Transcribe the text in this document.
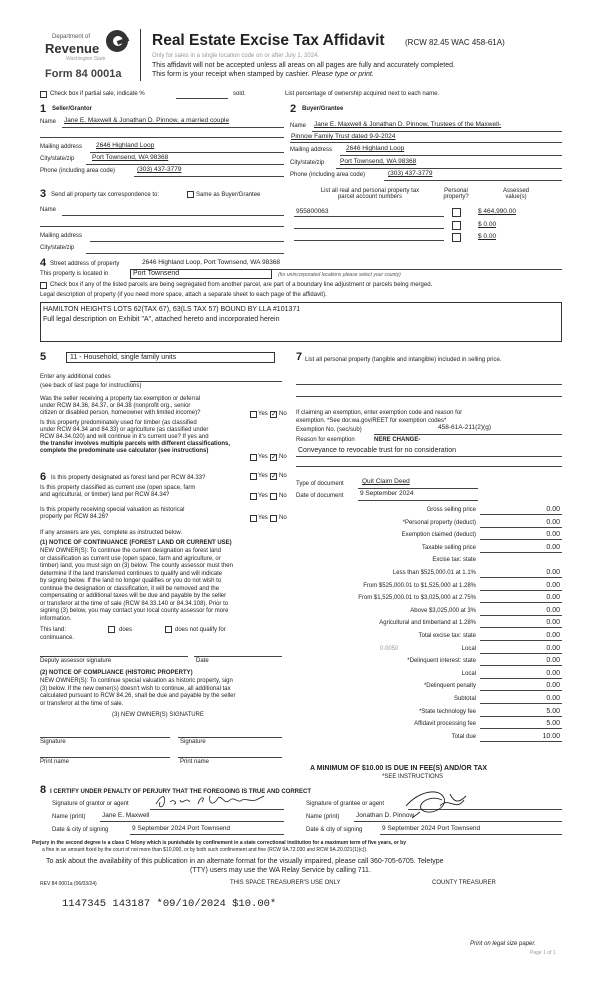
Department of
Revenue
Washington State
Form 84 0001a
Real Estate Excise Tax Affidavit	(RCW 82.45 WAC 458-61A)
Only for sales in a single location code on or after July 1, 2024.
This affidavit will not be accepted unless all areas on all pages are fully and accurately completed.
This form is your receipt when stamped by cashier. Please type or print.
Check box if partial sale, indicate %	sold.	List percentage of ownership acquired next to each name.
1 Seller/Grantor
Name Jane E. Maxwell & Jonathan D. Pinnow, a married couple
Mailing address 2646 Highland Loop
City/state/zip	Port Townsend, WA 98368
Phone (including area code)	(303) 437-3779
2 Buyer/Grantee
Name Jane E. Maxwell & Jonathan D. Pinnow, Trustees of the Maxwell-
Pinnow Family Trust dated 9-9-2024
Mailing address 2646 Highland Loop
City/state/zip Port Townsend, WA 98368
Phone (including area code)	(303) 437-3779
3 Send all property tax correspondence to:	Same as Buyer/Grantee
Name
Mailing address
City/state/zip
List all real and personal property tax
parcel account numbers
Personal
property?
Assessed
value(s)
955800063	$ 464,990.00
$ 0.00
$ 0.00
4 Street address of property	2646 Highland Loop, Port Townsend, WA 98368
This property is located in	Port Townsend	(for unincorporated locations please select your county)
Check box if any of the listed parcels are being segregated from another parcel, are part of a boundary line adjustment or parcels being merged.
Legal description of property (if you need more space, attach a separate sheet to each page of the affidavit).
HAMILTON HEIGHTS LOTS 62(TAX 67), 63(LS TAX 57) BOUND BY LLA #101371
Full legal description on Exhibit "A", attached hereto and incorporated herein
5	11 - Household, single family units
Enter any additional codes
(see back of last page for instructions)
Was the seller receiving a property tax exemption or deferral
under RCW 84.36, 84.37, or 84.38 (nonprofit org., senior
citizen or disabled person, homeowner with limited income)?	Yes ✓ No
Is this property predominately used for timber (as classified
under RCW 84.34 and 84.33) or agriculture (as classified under
RCW 84.34.020) and will continue in it's current use? If yes and
the transfer involves multiple parcels with different classifications,
complete the predominate use calculator (see instructions)
Yes ✓ No
6 Is this property designated as forest land per RCW 84.33?	Yes ✓ No
Is this property classified as current use (open space, farm
and agricultural, or timber) land per RCW 84.34?	Yes No
Is this property receiving special valuation as historical
property per RCW 84.26?	Yes No
If any answers are yes, complete as instructed below.
(1) NOTICE OF CONTINUANCE (FOREST LAND OR CURRENT USE)
NEW OWNER(S): To continue the current designation as forest land
or classification as current use (open space, farm and agriculture, or
timber) land, you must sign on (3) below. The county assessor must then
determine if the land transferred continues to qualify and will indicate
by signing below. If the land no longer qualifies or you do not wish to
continue the designation or classification, it will be removed and the
compensating or additional taxes will be due and payable by the seller
or transferor at the time of sale (RCW 84.33.140 or 84.34.108). Prior to
signing (3) below, you may contact your local county assessor for more
information.
This land:	does	does not qualify for
continuance.
Deputy assessor signature	Date
(2) NOTICE OF COMPLIANCE (HISTORIC PROPERTY)
NEW OWNER(S): To continue special valuation as historic property, sign
(3) below. If the new owner(s) doesn't wish to continue, all additional tax
calculated pursuant to RCW 84.26, shall be due and payable by the seller
or transferor at the time of sale.
(3) NEW OWNER(S) SIGNATURE
Signature	Signature
Print name	Print name
7 List all personal property (tangible and intangible) included in selling price.
If claiming an exemption, enter exemption code and reason for
exemption. *See dor.wa.gov/REET for exemption codes*
Exemption No. (sec/sub)	458-61A-211(2)(g)
Reason for exemption	NERE CHANGE-
Conveyance to revocable trust for no consideration
Type of document	Quit Claim Deed
Date of document	9 September 2024
Gross selling price	0.00
*Personal property (deduct)	0.00
Exemption claimed (deduct)	0.00
Taxable selling price	0.00
Excise tax: state
Less than $525,000.01 at 1.1%	0.00
From $525,000.01 to $1,525,000 at 1.28%	0.00
From $1,525,000.01 to $3,025,000 at 2.75%	0.00
Above $3,025,000 at 3%	0.00
Agricultural and timberland at 1.28%	0.00
Total excise tax: state	0.00
Local
0.0050	0.00
*Delinquent interest: state	0.00
Local	0.00
*Delinquent penalty	0.00
Subtotal	0.00
*State technology fee	5.00
Affidavit processing fee	5.00
Total due	10.00
A MINIMUM OF $10.00 IS DUE IN FEE(S) AND/OR TAX
*SEE INSTRUCTIONS
8 I CERTIFY UNDER PENALTY OF PERJURY THAT THE FOREGOING IS TRUE AND CORRECT
Signature of grantor or agent
Name (print)	Jane E. Maxwell
Date & city of signing	9 September 2024 Port Townsend
Signature of grantee or agent
Name (print)	Jonathan D. Pinnow
Date & city of signing	9 September 2024 Port Townsend
Perjury in the second degree is a class C felony which is punishable by confinement in a state correctional institution for a maximum term of five years, or by
a fine in an amount fixed by the court of not more than $10,000, or by both such confinement and fine (RCW 9A.72.030 and RCW 9A.20.021(1)(c)).
To ask about the availability of this publication in an alternate format for the visually impaired, please call 360-705-6705. Teletype
(TTY) users may use the WA Relay Service by calling 711.
REV 84 0001a (06/03/24)	THIS SPACE TREASURER'S USE ONLY	COUNTY TREASURER
1147345 143187 *09/10/2024 $10.00*
Print on legal size paper.
Page 1 of 1
